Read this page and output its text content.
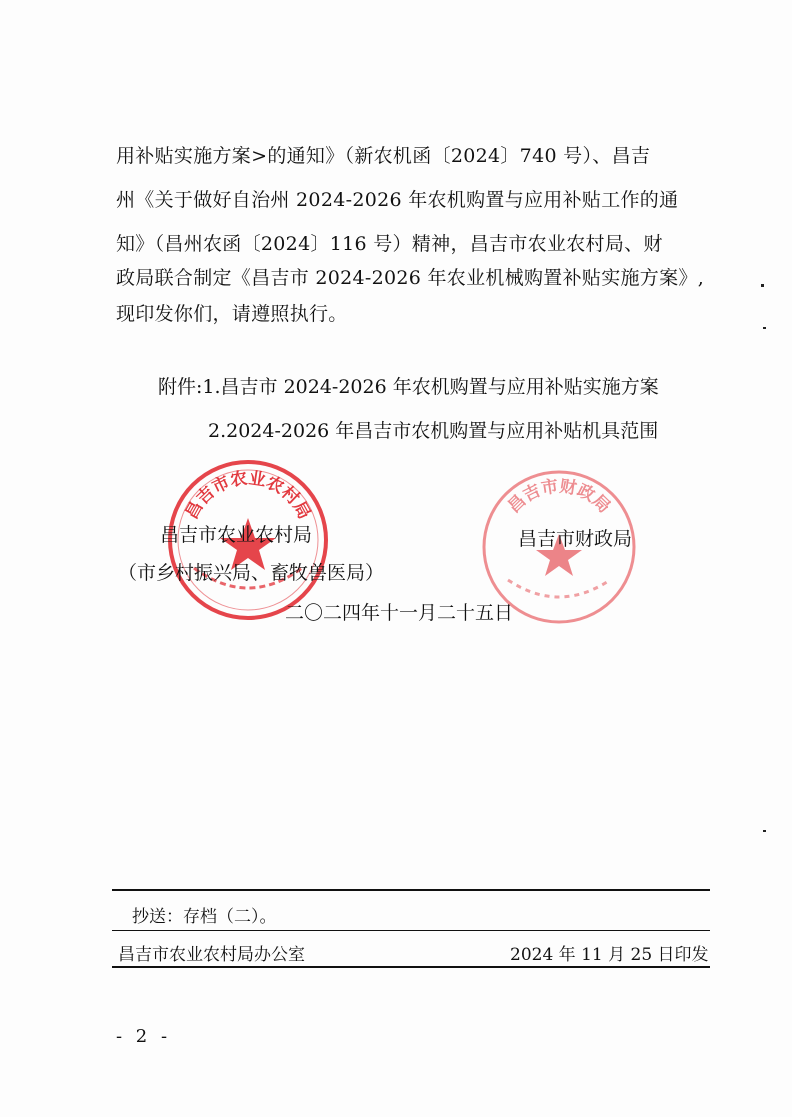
用补贴实施方案>的通知》（新农机函〔2024〕740 号）、昌吉
州《关于做好自治州 2024-2026 年农机购置与应用补贴工作的通
知》（昌州农函〔2024〕116 号）精神，昌吉市农业农村局、财
政局联合制定《昌吉市 2024-2026 年农业机械购置补贴实施方案》,
现印发你们，请遵照执行。
附件:1.昌吉市 2024-2026 年农机购置与应用补贴实施方案
2.2024-2026 年昌吉市农机购置与应用补贴机具范围
昌吉市农业农村局	昌吉市财政局
昌吉市农业农村局
（市乡村振兴局、畜牧兽医局）
昌吉市财政局
二〇二四年十一月二十五日
抄送：存档（二）。
昌吉市农业农村局办公室	2024 年 11 月 25 日印发
- 2 -
